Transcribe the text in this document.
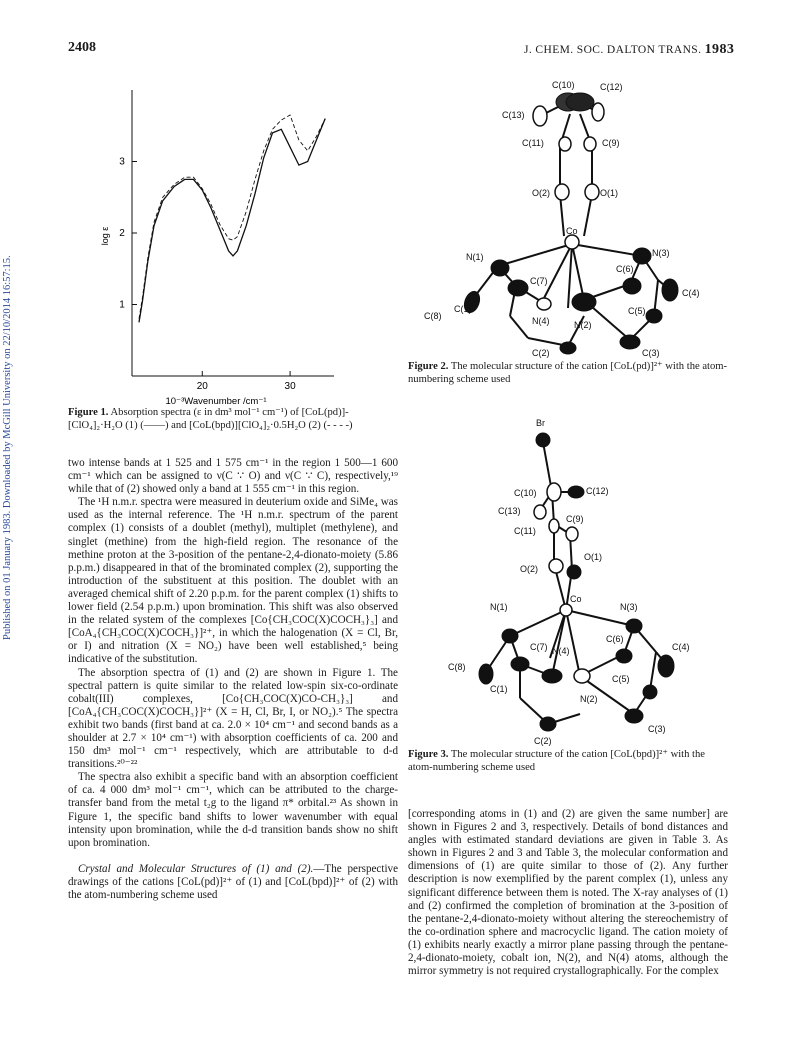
2408	J. CHEM. SOC. DALTON TRANS. 1983
Published on 01 January 1983. Downloaded by McGill University on 22/10/2014 16:57:15.	1
2
3
20	30
log ε
10⁻³Wavenumber /cm⁻¹
Figure 1. Absorption spectra (ε in dm³ mol⁻¹ cm⁻¹) of [CoL(pd)]-[ClO₄]₂·H₂O (1) (——) and [CoL(bpd)][ClO₄]₂·0.5H₂O (2) (- - - -)
C(10)	C(12)
C(13)
C(11)	C(9)
O(2)	O(1)
Co
N(1)	N(3)
C(7)
C(6)
C(4)
C(8)
C(1)
N(4)
C(5)
N(2)
C(2)	C(3)
Figure 2. The molecular structure of the cation [CoL(pd)]²⁺ with the atom-numbering scheme used
Br
C(10)	C(12)
C(13)
C(11)
C(9)
O(2)
O(1)
Co
N(1)	N(3)
C(7)
C(6)
N(4)	C(4)
C(8)
C(1)
C(5)
N(2)
C(3)
C(2)
Figure 3. The molecular structure of the cation [CoL(bpd)]²⁺ with the atom-numbering scheme used

two intense bands at 1 525 and 1 575 cm⁻¹ in the region 1 500—1 600 cm⁻¹ which can be assigned to ν(C ∵ O) and ν(C ∵ C), respectively,¹⁹ while that of (2) showed only a band at 1 555 cm⁻¹ in this region.

The ¹H n.m.r. spectra were measured in deuterium oxide and SiMe₄ was used as the internal reference. The ¹H n.m.r. spectrum of the parent complex (1) consists of a doublet (methyl), multiplet (methylene), and singlet (methine) from the high-field region. The resonance of the methine proton at the 3-position of the pentane-2,4-dionato-moiety (5.86 p.p.m.) disappeared in that of the brominated complex (2), supporting the introduction of the substituent at this position. The doublet with an averaged chemical shift of 2.20 p.p.m. for the parent complex (1) shifts to lower field (2.54 p.p.m.) upon bromination. This shift was also observed in the related system of the complexes [Co{CH₃COC(X)COCH₃}₃] and [CoA₄{CH₃COC(X)COCH₃}]²⁺, in which the halogenation (X = Cl, Br, or I) and nitration (X = NO₂) have been well established,⁵ being indicative of the substitution.

The absorption spectra of (1) and (2) are shown in Figure 1. The spectral pattern is quite similar to the related low-spin six-co-ordinate cobalt(III) complexes, [Co{CH₃COC(X)CO-CH₃}₃] and [CoA₄{CH₃COC(X)COCH₃}]²⁺ (X = H, Cl, Br, I, or NO₂).⁵ The spectra exhibit two bands (first band at ca. 2.0 × 10⁴ cm⁻¹ and second bands as a shoulder at 2.7 × 10⁴ cm⁻¹) with absorption coefficients of ca. 200 and 150 dm³ mol⁻¹ cm⁻¹ respectively, which are attributable to d-d transitions.²⁰⁻²²

The spectra also exhibit a specific band with an absorption coefficient of ca. 4 000 dm³ mol⁻¹ cm⁻¹, which can be attributed to the charge-transfer band from the metal t₂g to the ligand π* orbital.²³ As shown in Figure 1, the specific band shifts to lower wavenumber with equal intensity upon bromination, while the d-d transition bands show no shift upon bromination.

Crystal and Molecular Structures of (1) and (2).—The perspective drawings of the cations [CoL(pd)]²⁺ of (1) and [CoL(bpd)]²⁺ of (2) with the atom-numbering scheme used

[corresponding atoms in (1) and (2) are given the same number] are shown in Figures 2 and 3, respectively. Details of bond distances and angles with estimated standard deviations are given in Table 3. As shown in Figures 2 and 3 and Table 3, the molecular conformation and dimensions of (1) are quite similar to those of (2). Any further description is now exemplified by the parent complex (1), unless any significant difference between them is noted. The X-ray analyses of (1) and (2) confirmed the completion of bromination at the 3-position of the pentane-2,4-dionato-moiety without altering the stereochemistry of the co-ordination sphere and macrocyclic ligand. The cation moiety of (1) exhibits nearly exactly a mirror plane passing through the pentane-2,4-dionato-moiety, cobalt ion, N(2), and N(4) atoms, although the mirror symmetry is not required crystallographically. For the complex
